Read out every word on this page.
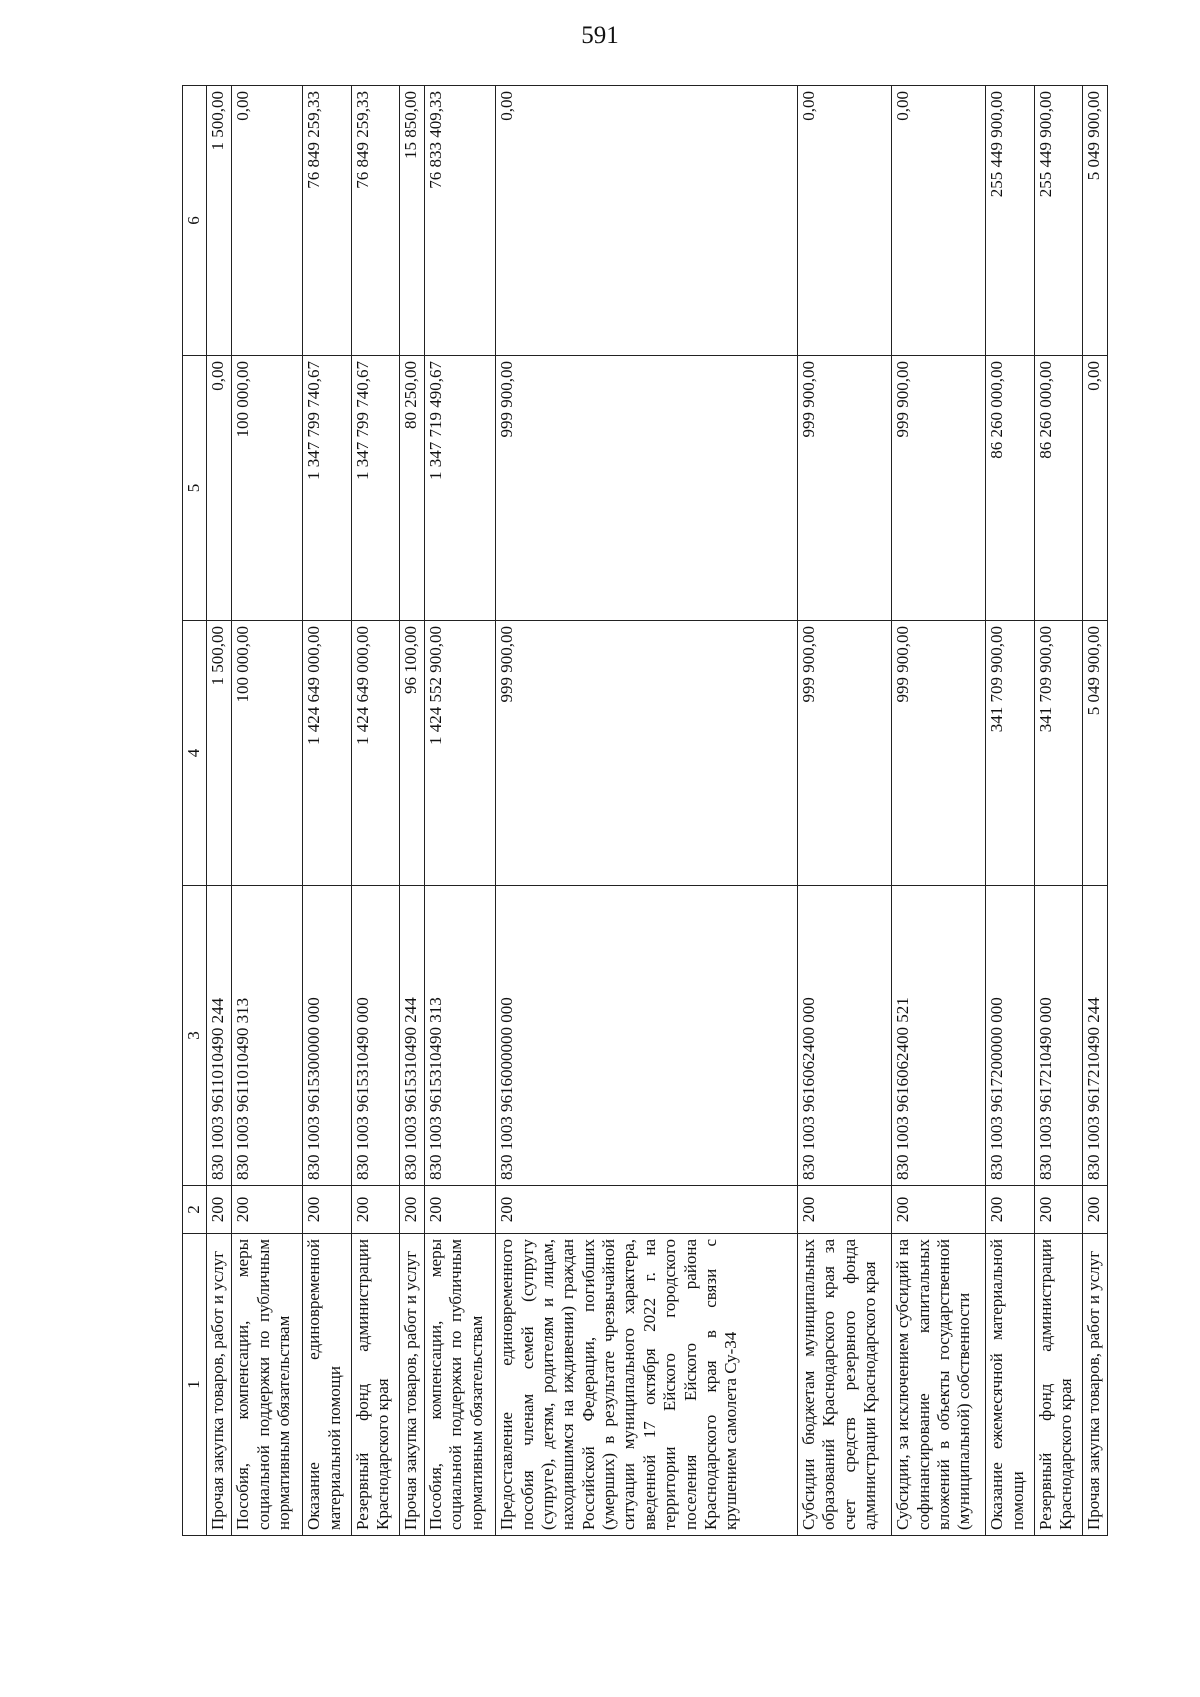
591
1	2	3	4	5	6
Прочая закупка товаров, работ и услуг	200	830 1003 9611010490 244	1 500,00	0,00	1 500,00
Пособия, компенсации, меры социальной поддержки по публичным нормативным обязательствам	200	830 1003 9611010490 313	100 000,00	100 000,00	0,00
Оказание единовременной материальной помощи	200	830 1003 9615300000 000	1 424 649 000,00	1 347 799 740,67	76 849 259,33
Резервный фонд администрации Краснодарского края	200	830 1003 9615310490 000	1 424 649 000,00	1 347 799 740,67	76 849 259,33
Прочая закупка товаров, работ и услуг	200	830 1003 9615310490 244	96 100,00	80 250,00	15 850,00
Пособия, компенсации, меры социальной поддержки по публичным нормативным обязательствам	200	830 1003 9615310490 313	1 424 552 900,00	1 347 719 490,67	76 833 409,33
Предоставление единовременного пособия членам семей (супругу (супруге), детям, родителям и лицам, находившимся на иждивении) граждан Российской Федерации, погибших (умерших) в результате чрезвычайной ситуации муниципального характера, введенной 17 октября 2022 г. на территории Ейского городского поселения Ейского района Краснодарского края в связи с крушением самолета Су-34	200	830 1003 9616000000 000	999 900,00	999 900,00	0,00
Субсидии бюджетам муниципальных образований Краснодарского края за счет средств резервного фонда администрации Краснодарского края	200	830 1003 9616062400 000	999 900,00	999 900,00	0,00
Субсидии, за исключением субсидий на софинансирование капитальных вложений в объекты государственной (муниципальной) собственности	200	830 1003 9616062400 521	999 900,00	999 900,00	0,00
Оказание ежемесячной материальной помощи	200	830 1003 9617200000 000	341 709 900,00	86 260 000,00	255 449 900,00
Резервный фонд администрации Краснодарского края	200	830 1003 9617210490 000	341 709 900,00	86 260 000,00	255 449 900,00
Прочая закупка товаров, работ и услуг	200	830 1003 9617210490 244	5 049 900,00	0,00	5 049 900,00
